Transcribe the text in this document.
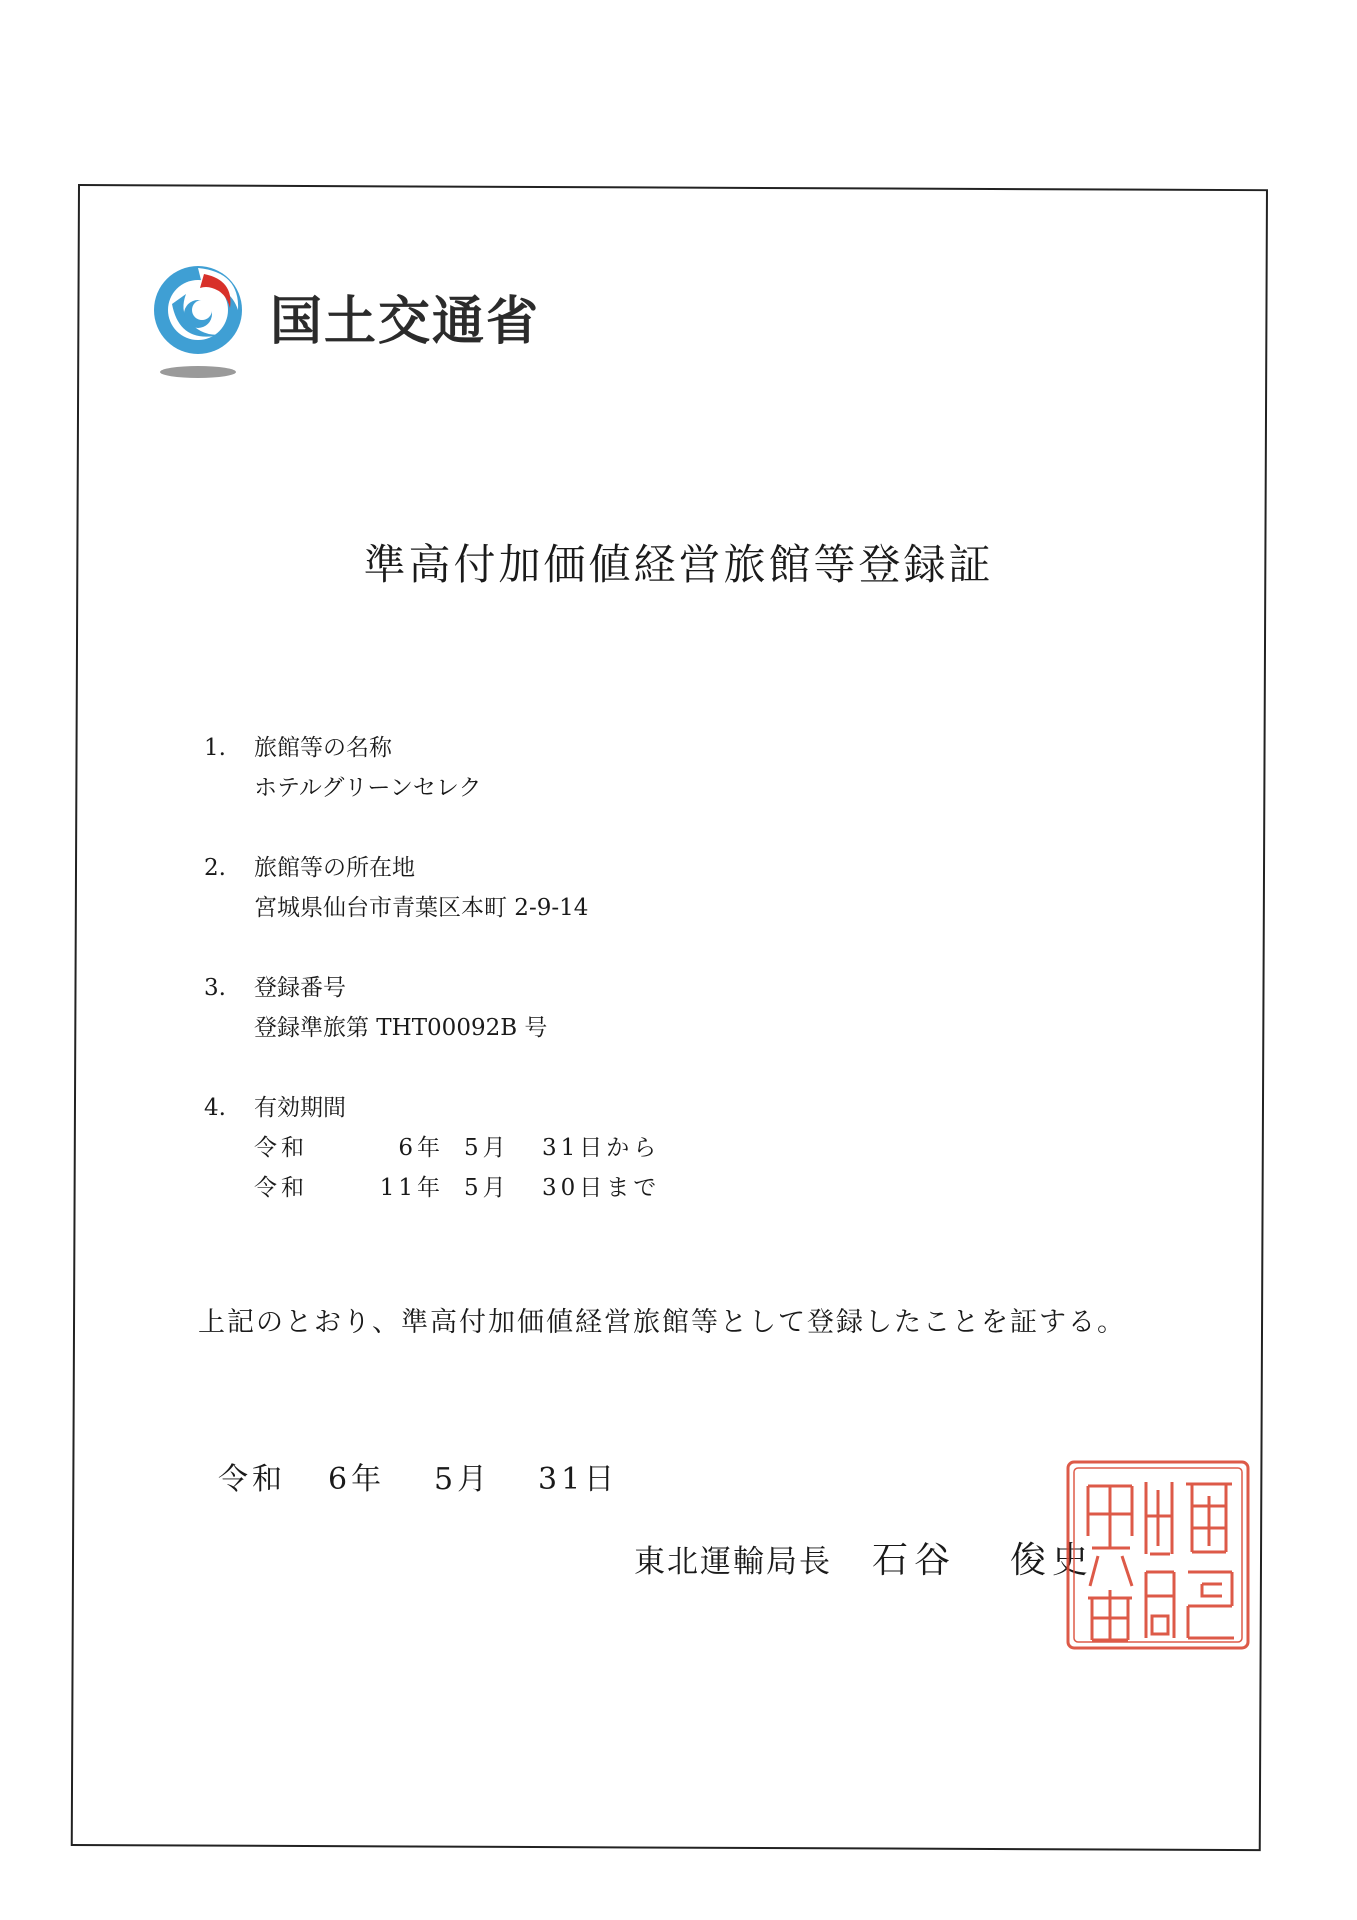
国土交通省
準高付加価値経営旅館等登録証
1.	旅館等の名称
ホテルグリーンセレク
2.	旅館等の所在地
宮城県仙台市青葉区本町 2-9-14
3.	登録番号
登録準旅第 THT00092B 号
4.	有効期間
令和	6年 5月	31日から
令和	11年 5月	30日まで
上記のとおり、準高付加価値経営旅館等として登録したことを証する。
令和	6年	5月	31日
東北運輸局長 石谷 俊史
